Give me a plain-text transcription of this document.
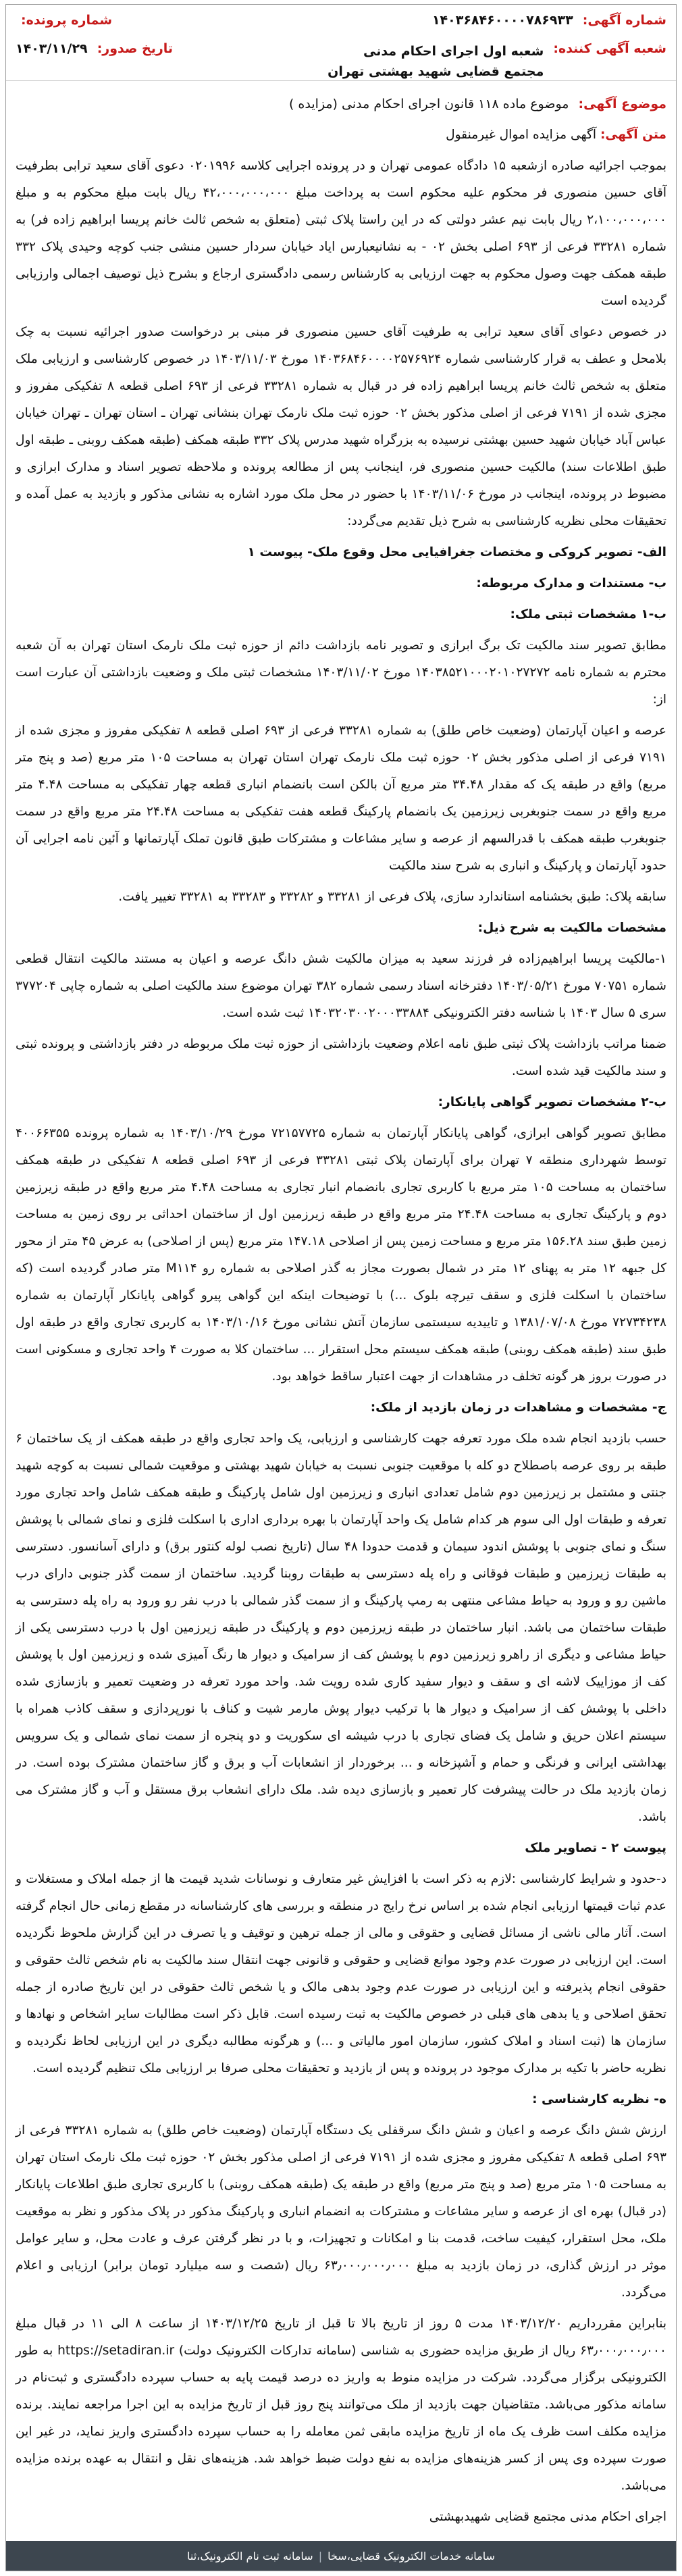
شماره آگهی: ۱۴۰۳۶۸۴۶۰۰۰۰۷۸۶۹۳۳
شماره پرونده:
شعبه آگهی کننده: شعبه اول اجرای احکام مدنی مجتمع قضایی شهید بهشتی تهران
تاریخ صدور: ۱۴۰۳/۱۱/۲۹
موضوع آگهی: موضوع ماده ۱۱۸ قانون اجرای احکام مدنی (مزایده )

متن آگهی: آگهی مزایده اموال غیرمنقول

بموجب اجرائیه صادره ازشعبه ۱۵ دادگاه عمومی تهران و در پرونده اجرایی کلاسه ۰۲۰۱۹۹۶ دعوی آقای سعید ترابی بطرفیت آقای حسین منصوری فر محکوم علیه محکوم است به پرداخت مبلغ ۴۲،۰۰۰،۰۰۰،۰۰۰ ریال بابت مبلغ محکوم به و مبلغ ۲،۱۰۰،۰۰۰،۰۰۰ ریال بابت نیم عشر دولتی که در این راستا پلاک ثبتی (متعلق به شخص ثالث خانم پریسا ابراهیم زاده فر) به شماره ۳۳۲۸۱ فرعی از ۶۹۳ اصلی بخش ۰۲ - به نشانیعبارس ایاد خیابان سردار حسین منشی جنب کوچه وحیدی پلاک ۳۳۲ طبقه همکف جهت وصول محکوم به جهت ارزیابی به کارشناس رسمی دادگستری ارجاع و بشرح ذیل توصیف اجمالی وارزیابی گردیده است

در خصوص دعوای آقای سعید ترابی به طرفیت آقای حسین منصوری فر مبنی بر درخواست صدور اجرائیه نسبت به چک بلامحل و عطف به قرار کارشناسی شماره ۱۴۰۳۶۸۴۶۰۰۰۰۲۵۷۶۹۲۴ مورخ ۱۴۰۳/۱۱/۰۳ در خصوص کارشناسی و ارزیابی ملک متعلق به شخص ثالث خانم پریسا ابراهیم زاده فر در قبال به شماره ۳۳۲۸۱ فرعی از ۶۹۳ اصلی قطعه ۸ تفکیکی مفروز و مجزی شده از ۷۱۹۱ فرعی از اصلی مذکور بخش ۰۲ حوزه ثبت ملک نارمک تهران بنشانی تهران ـ استان تهران ـ تهران خیابان عباس آباد خیابان شهید حسین بهشتی نرسیده به بزرگراه شهید مدرس پلاک ۳۳۲ طبقه همکف (طبقه همکف روبنی ـ طبقه اول طبق اطلاعات سند) مالکیت حسین منصوری فر، اینجانب پس از مطالعه پرونده و ملاحظه تصویر اسناد و مدارک ابرازی و مضبوط در پرونده، اینجانب در مورخ ۱۴۰۳/۱۱/۰۶ با حضور در محل ملک مورد اشاره به نشانی مذکور و بازدید به عمل آمده و تحقیقات محلی نظریه کارشناسی به شرح ذیل تقدیم می‌گردد:

الف- تصویر کروکی و مختصات جغرافیایی محل وقوع ملک- پیوست ۱

ب- مستندات و مدارک مربوطه:

ب-۱ مشخصات ثبتی ملک:

مطابق تصویر سند مالکیت تک برگ ابرازی و تصویر نامه بازداشت دائم از حوزه ثبت ملک نارمک استان تهران به آن شعبه محترم به شماره نامه ۱۴۰۳۸۵۲۱۰۰۰۲۰۱۰۲۷۲۷۲ مورخ ۱۴۰۳/۱۱/۰۲ مشخصات ثبتی ملک و وضعیت بازداشتی آن عبارت است از:

عرصه و اعیان آپارتمان (وضعیت خاص طلق) به شماره ۳۳۲۸۱ فرعی از ۶۹۳ اصلی قطعه ۸ تفکیکی مفروز و مجزی شده از ۷۱۹۱ فرعی از اصلی مذکور بخش ۰۲ حوزه ثبت ملک نارمک تهران استان تهران به مساحت ۱۰۵ متر مربع (صد و پنج متر مربع) واقع در طبقه یک که مقدار ۳۴.۴۸ متر مربع آن بالکن است بانضمام انباری قطعه چهار تفکیکی به مساحت ۴.۴۸ متر مربع واقع در سمت جنوبغربی زیرزمین یک بانضمام پارکینگ قطعه هفت تفکیکی به مساحت ۲۴.۴۸ متر مربع واقع در سمت جنوبغرب طبقه همکف با قدرالسهم از عرصه و سایر مشاعات و مشترکات طبق قانون تملک آپارتمانها و آئین نامه اجرایی آن حدود آپارتمان و پارکینگ و انباری به شرح سند مالکیت

سابقه پلاک: طبق بخشنامه استاندارد سازی، پلاک فرعی از ۳۳۲۸۱ و ۳۳۲۸۲ و ۳۳۲۸۳ به ۳۳۲۸۱ تغییر یافت.

مشخصات مالکیت به شرح ذیل:

۱-مالکیت پریسا ابراهیم‌زاده فر فرزند سعید به میزان مالکیت شش دانگ عرصه و اعیان به مستند مالکیت انتقال قطعی شماره ۷۰۷۵۱ مورخ ۱۴۰۳/۰۵/۲۱ دفترخانه اسناد رسمی شماره ۳۸۲ تهران موضوع سند مالکیت اصلی به شماره چاپی ۳۷۷۲۰۴ سری ۵ سال ۱۴۰۳ با شناسه دفتر الکترونیکی ۱۴۰۳۲۰۳۰۰۲۰۰۰۳۳۸۸۴ ثبت شده است.

ضمنا مراتب بازداشت پلاک ثبتی طبق نامه اعلام وضعیت بازداشتی از حوزه ثبت ملک مربوطه در دفتر بازداشتی و پرونده ثبتی و سند مالکیت قید شده است.

ب-۲ مشخصات تصویر گواهی پایانکار:

مطابق تصویر گواهی ابرازی، گواهی پایانکار آپارتمان به شماره ۷۲۱۵۷۷۲۵ مورخ ۱۴۰۳/۱۰/۲۹ به شماره پرونده ۴۰۰۶۶۳۵۵ توسط شهرداری منطقه ۷ تهران برای آپارتمان پلاک ثبتی ۳۳۲۸۱ فرعی از ۶۹۳ اصلی قطعه ۸ تفکیکی در طبقه همکف ساختمان به مساحت ۱۰۵ متر مربع با کاربری تجاری بانضمام انبار تجاری به مساحت ۴.۴۸ متر مربع واقع در طبقه زیرزمین دوم و پارکینگ تجاری به مساحت ۲۴.۴۸ متر مربع واقع در طبقه زیرزمین اول از ساختمان احداثی بر روی زمین به مساحت زمین طبق سند ۱۵۶.۲۸ متر مربع و مساحت زمین پس از اصلاحی ۱۴۷.۱۸ متر مربع (پس از اصلاحی) به عرض ۴۵ متر از محور کل جبهه ۱۲ متر به پهنای ۱۲ متر در شمال بصورت مجاز به گذر اصلاحی به شماره رو M۱۱۴ متر صادر گردیده است (که ساختمان با اسکلت فلزی و سقف تیرچه بلوک ...) با توضیحات اینکه این گواهی پیرو گواهی پایانکار آپارتمان به شماره ۷۲۷۳۴۲۳۸ مورخ ۱۳۸۱/۰۷/۰۸ و تاییدیه سیستمی سازمان آتش نشانی مورخ ۱۴۰۳/۱۰/۱۶ به کاربری تجاری واقع در طبقه اول طبق سند (طبقه همکف روبنی) طبقه همکف سیستم محل استقرار ... ساختمان کلا به صورت ۴ واحد تجاری و مسکونی است در صورت بروز هر گونه تخلف در مشاهدات از جهت اعتبار ساقط خواهد بود.

ج- مشخصات و مشاهدات در زمان بازدید از ملک:

حسب بازدید انجام شده ملک مورد تعرفه جهت کارشناسی و ارزیابی، یک واحد تجاری واقع در طبقه همکف از یک ساختمان ۶ طبقه بر روی عرصه باصطلاح دو کله با موقعیت جنوبی نسبت به خیابان شهید بهشتی و موقعیت شمالی نسبت به کوچه شهید جنتی و مشتمل بر زیرزمین دوم شامل تعدادی انباری و زیرزمین اول شامل پارکینگ و طبقه همکف شامل واحد تجاری مورد تعرفه و طبقات اول الی سوم هر کدام شامل یک واحد آپارتمان با بهره برداری اداری با اسکلت فلزی و نمای شمالی با پوشش سنگ و نمای جنوبی با پوشش اندود سیمان و قدمت حدودا ۴۸ سال (تاریخ نصب لوله کنتور برق) و دارای آسانسور. دسترسی به طبقات زیرزمین و طبقات فوقانی و راه پله دسترسی به طبقات روبنا گردید. ساختمان از سمت گذر جنوبی دارای درب ماشین رو و ورود به حیاط مشاعی منتهی به رمپ پارکینگ و از سمت گذر شمالی با درب نفر رو ورود به راه پله دسترسی به طبقات ساختمان می باشد. انبار ساختمان در طبقه زیرزمین دوم و پارکینگ در طبقه زیرزمین اول با درب دسترسی یکی از حیاط مشاعی و دیگری از راهرو زیرزمین دوم با پوشش کف از سرامیک و دیوار ها رنگ آمیزی شده و زیرزمین اول با پوشش کف از موزاییک لاشه ای و سقف و دیوار سفید کاری شده رویت شد. واحد مورد تعرفه در وضعیت تعمیر و بازسازی شده داخلی با پوشش کف از سرامیک و دیوار ها با ترکیب دیوار پوش مارمر شیت و کناف با نورپردازی و سقف کاذب همراه با سیستم اعلان حریق و شامل یک فضای تجاری با درب شیشه ای سکوریت و دو پنجره از سمت نمای شمالی و یک سرویس بهداشتی ایرانی و فرنگی و حمام و آشپزخانه و ... برخوردار از انشعابات آب و برق و گاز ساختمان مشترک بوده است. در زمان بازدید ملک در حالت پیشرفت کار تعمیر و بازسازی دیده شد. ملک دارای انشعاب برق مستقل و آب و گاز مشترک می باشد.

پیوست ۲ - تصاویر ملک

د-حدود و شرایط کارشناسی :لازم به ذکر است با افزایش غیر متعارف و نوسانات شدید قیمت ها از جمله املاک و مستغلات و عدم ثبات قیمتها ارزیابی انجام شده بر اساس نرخ رایج در منطقه و بررسی های کارشناسانه در مقطع زمانی حال انجام گرفته است. آثار مالی ناشی از مسائل قضایی و حقوقی و مالی از جمله ترهین و توقیف و یا تصرف در این گزارش ملحوظ نگردیده است. این ارزیابی در صورت عدم وجود موانع قضایی و حقوقی و قانونی جهت انتقال سند مالکیت به نام شخص ثالث حقوقی و حقوقی انجام پذیرفته و این ارزیابی در صورت عدم وجود بدهی مالک و یا شخص ثالث حقوقی در این تاریخ صادره از جمله تحقق اصلاحی و یا بدهی های قبلی در خصوص مالکیت به ثبت رسیده است. قابل ذکر است مطالبات سایر اشخاص و نهادها و سازمان ها (ثبت اسناد و املاک کشور، سازمان امور مالیاتی و ...) و هرگونه مطالبه دیگری در این ارزیابی لحاظ نگردیده و نظریه حاضر با تکیه بر مدارک موجود در پرونده و پس از بازدید و تحقیقات محلی صرفا بر ارزیابی ملک تنظیم گردیده است.

ه- نظریه کارشناسی :

ارزش شش دانگ عرصه و اعیان و شش دانگ سرقفلی یک دستگاه آپارتمان (وضعیت خاص طلق) به شماره ۳۳۲۸۱ فرعی از ۶۹۳ اصلی قطعه ۸ تفکیکی مفروز و مجزی شده از ۷۱۹۱ فرعی از اصلی مذکور بخش ۰۲ حوزه ثبت ملک نارمک استان تهران به مساحت ۱۰۵ متر مربع (صد و پنج متر مربع) واقع در طبقه یک (طبقه همکف روبنی) با کاربری تجاری طبق اطلاعات پایانکار (در قبال) بهره ای از عرصه و سایر مشاعات و مشترکات به انضمام انباری و پارکینگ مذکور در پلاک مذکور و نظر به موقعیت ملک، محل استقرار، کیفیت ساخت، قدمت بنا و امکانات و تجهیزات، و با در نظر گرفتن عرف و عادت محل، و سایر عوامل موثر در ارزش گذاری، در زمان بازدید به مبلغ ۶۳٫۰۰۰٫۰۰۰٫۰۰۰ ریال (شصت و سه میلیارد تومان برابر) ارزیابی و اعلام می‌گردد.

بنابراین مقررداریم ۱۴۰۳/۱۲/۲۰ مدت ۵ روز از تاریخ بالا تا قبل از تاریخ ۱۴۰۳/۱۲/۲۵ از ساعت ۸ الی ۱۱ در قبال مبلغ ۶۳٫۰۰۰٫۰۰۰٫۰۰۰ ریال از طریق مزایده حضوری به شناسی (سامانه تدارکات الکترونیک دولت) https://setadiran.ir به طور الکترونیکی برگزار می‌گردد. شرکت در مزایده منوط به واریز ده درصد قیمت پایه به حساب سپرده دادگستری و ثبت‌نام در سامانه مذکور می‌باشد. متقاضیان جهت بازدید از ملک می‌توانند پنج روز قبل از تاریخ مزایده به این اجرا مراجعه نمایند. برنده مزایده مکلف است ظرف یک ماه از تاریخ مزایده مابقی ثمن معامله را به حساب سپرده دادگستری واریز نماید، در غیر این صورت سپرده وی پس از کسر هزینه‌های مزایده به نفع دولت ضبط خواهد شد. هزینه‌های نقل و انتقال به عهده برنده مزایده می‌باشد.

اجرای احکام مدنی مجتمع قضایی شهیدبهشتی

سامانه خدمات الکترونیک قضایی،سخا
|
سامانه ثبت نام الکترونیک،ثنا
